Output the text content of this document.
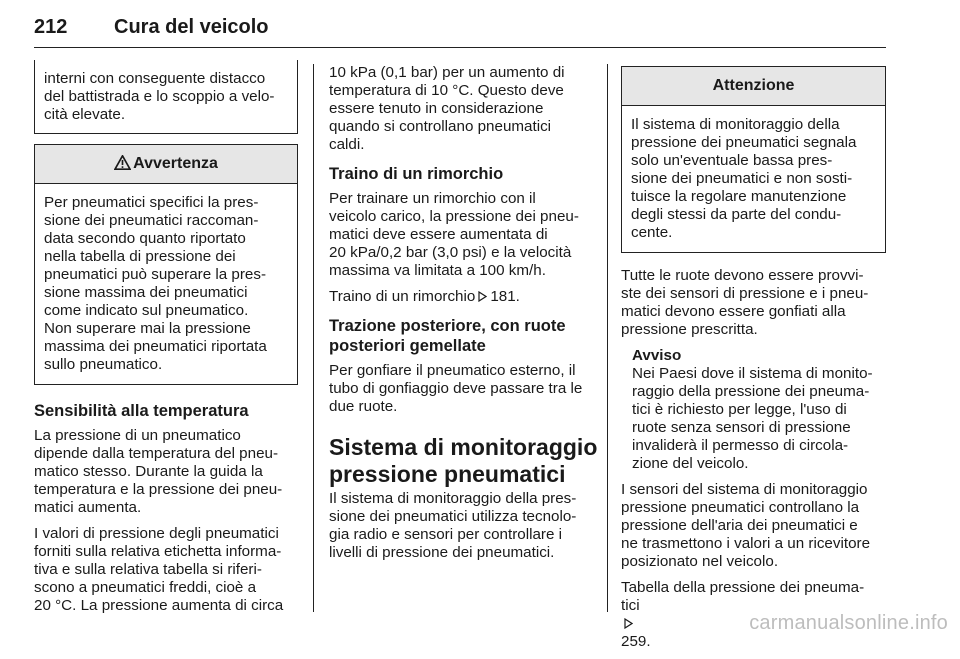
212 Cura del veicolo
interni con conseguente distacco
del battistrada e lo scoppio a velo-
cità elevate.
Avvertenza
Per pneumatici specifici la pres-
sione dei pneumatici raccoman-
data secondo quanto riportato
nella tabella di pressione dei
pneumatici può superare la pres-
sione massima dei pneumatici
come indicato sul pneumatico.
Non superare mai la pressione
massima dei pneumatici riportata
sullo pneumatico.
Sensibilità alla temperatura

La pressione di un pneumatico
dipende dalla temperatura del pneu-
matico stesso. Durante la guida la
temperatura e la pressione dei pneu-
matici aumenta.

I valori di pressione degli pneumatici
forniti sulla relativa etichetta informa-
tiva e sulla relativa tabella si riferi-
scono a pneumatici freddi, cioè a
20 °C. La pressione aumenta di circa

10 kPa (0,1 bar) per un aumento di
temperatura di 10 °C. Questo deve
essere tenuto in considerazione
quando si controllano pneumatici
caldi.

Traino di un rimorchio

Per trainare un rimorchio con il
veicolo carico, la pressione dei pneu-
matici deve essere aumentata di
20 kPa/0,2 bar (3,0 psi) e la velocità
massima va limitata a 100 km/h.

Traino di un rimorchio 181.

Trazione posteriore, con ruote
posteriori gemellate

Per gonfiare il pneumatico esterno, il
tubo di gonfiaggio deve passare tra le
due ruote.

Sistema di monitoraggio
pressione pneumatici

Il sistema di monitoraggio della pres-
sione dei pneumatici utilizza tecnolo-
gia radio e sensori per controllare i
livelli di pressione dei pneumatici.

Attenzione
Il sistema di monitoraggio della
pressione dei pneumatici segnala
solo un'eventuale bassa pres-
sione dei pneumatici e non sosti-
tuisce la regolare manutenzione
degli stessi da parte del condu-
cente.

Tutte le ruote devono essere provvi-
ste dei sensori di pressione e i pneu-
matici devono essere gonfiati alla
pressione prescritta.

Avviso
Nei Paesi dove il sistema di monito-
raggio della pressione dei pneuma-
tici è richiesto per legge, l'uso di
ruote senza sensori di pressione
invaliderà il permesso di circola-
zione del veicolo.

I sensori del sistema di monitoraggio
pressione pneumatici controllano la
pressione dell'aria dei pneumatici e
ne trasmettono i valori a un ricevitore
posizionato nel veicolo.

Tabella della pressione dei pneuma-
tici
259.

carmanualsonline.info
